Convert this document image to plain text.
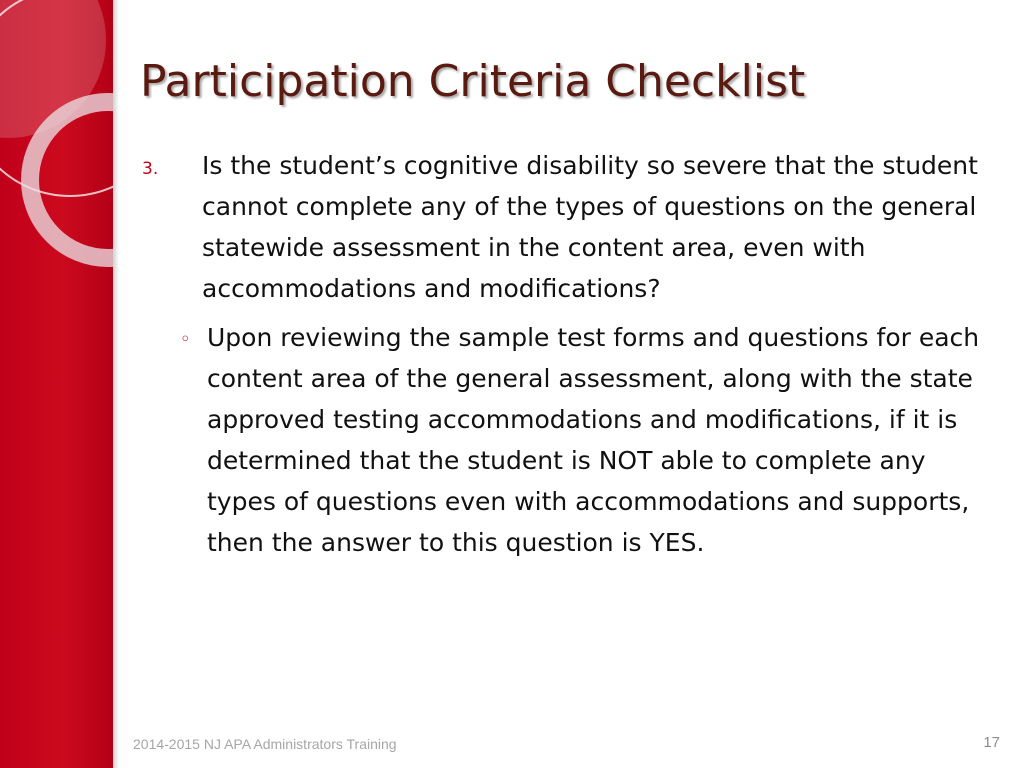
Participation Criteria Checklist
3. Is the student’s cognitive disability so severe that the student cannot complete any of the types of questions on the general statewide assessment in the content area, even with accommodations and modifications?
◦ Upon reviewing the sample test forms and questions for each content area of the general assessment, along with the state approved testing accommodations and modifications, if it is determined that the student is NOT able to complete any types of questions even with accommodations and supports, then the answer to this question is YES.
2014-2015 NJ APA Administrators Training	17
